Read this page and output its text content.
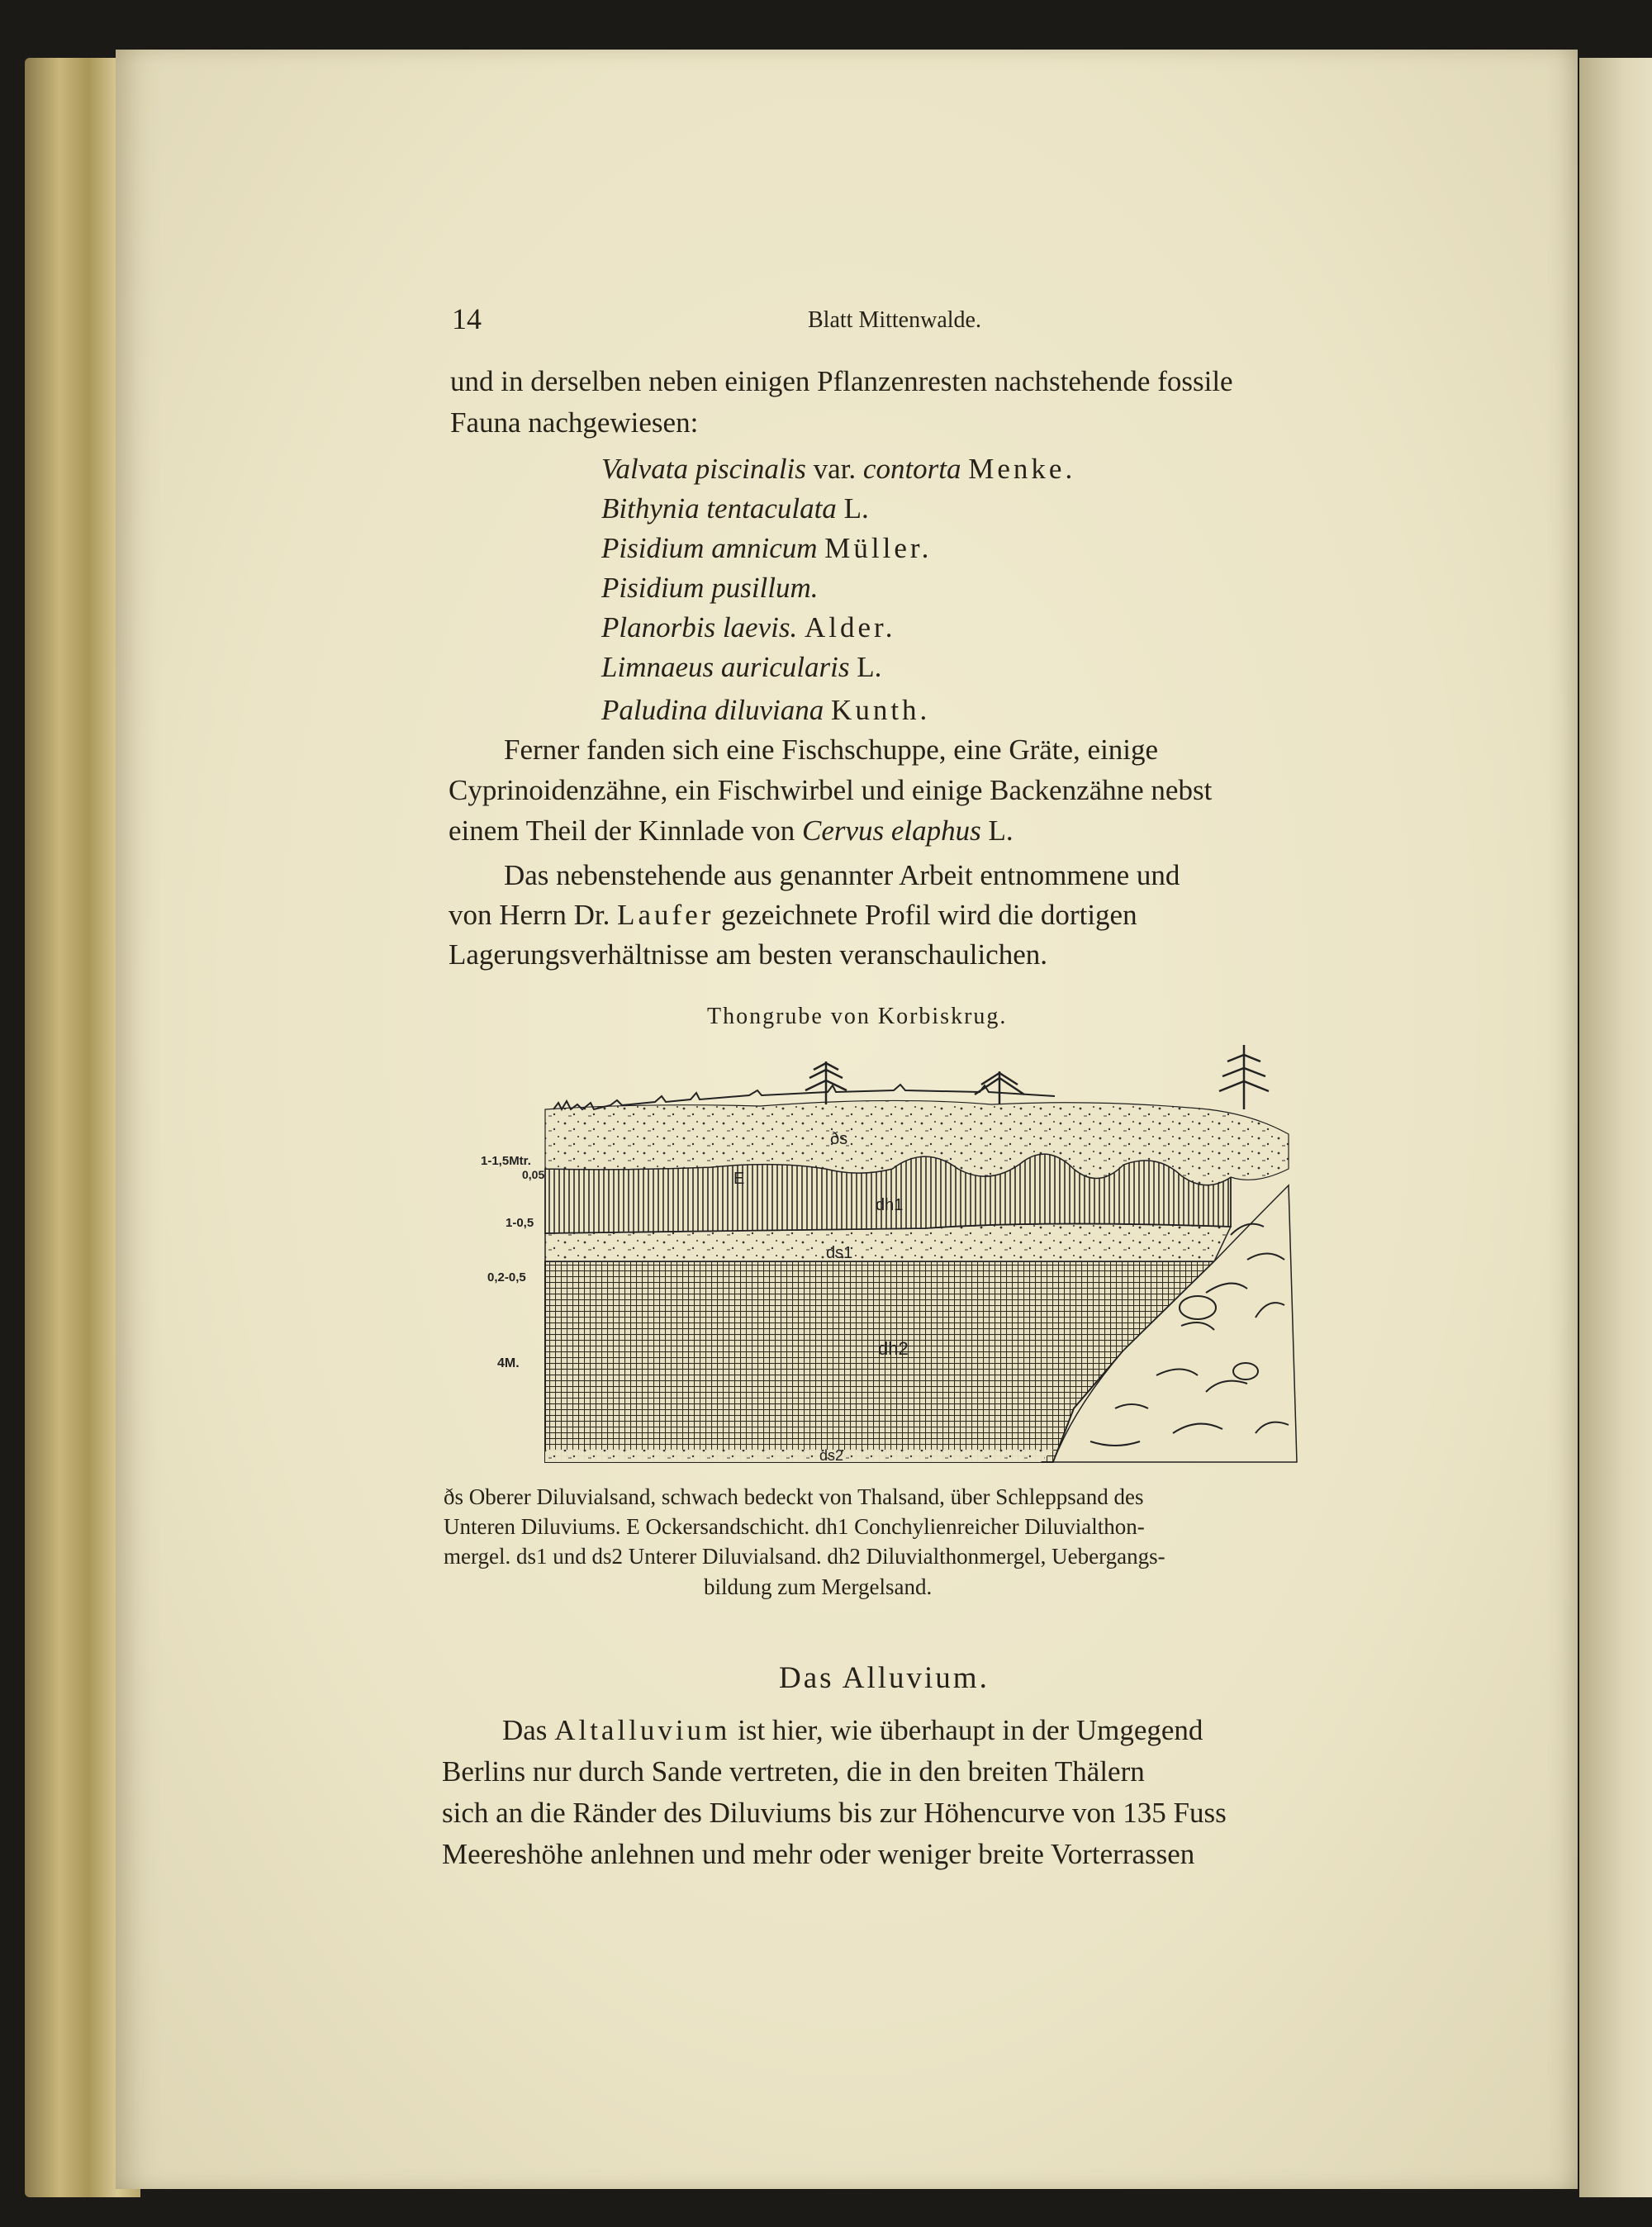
14	Blatt Mittenwalde.
und in derselben neben einigen Pflanzenresten nachstehende fossile
Fauna nachgewiesen:
Valvata piscinalis var. contorta Menke.
Bithynia tentaculata L.
Pisidium amnicum Müller.
Pisidium pusillum.
Planorbis laevis. Alder.
Limnaeus auricularis L.
Paludina diluviana Kunth.
Ferner fanden sich eine Fischschuppe, eine Gräte, einige
Cyprinoidenzähne, ein Fischwirbel und einige Backenzähne nebst
einem Theil der Kinnlade von Cervus elaphus L.
Das nebenstehende aus genannter Arbeit entnommene und
von Herrn Dr. Laufer gezeichnete Profil wird die dortigen
Lagerungsverhältnisse am besten veranschaulichen.
Thongrube von Korbiskrug.
1-1,5Mtr.
0,05
1-0,5
0,2-0,5
4M.
ðs
E
dh1
ds1
dh2
ds2
ðs Oberer Diluvialsand, schwach bedeckt von Thalsand, über Schleppsand des
Unteren Diluviums. E Ockersandschicht. dh1 Conchylienreicher Diluvialthon-
mergel. ds1 und ds2 Unterer Diluvialsand. dh2 Diluvialthonmergel, Uebergangs-
bildung zum Mergelsand.
Das Alluvium.
Das Altalluvium ist hier, wie überhaupt in der Umgegend
Berlins nur durch Sande vertreten, die in den breiten Thälern
sich an die Ränder des Diluviums bis zur Höhencurve von 135 Fuss
Meereshöhe anlehnen und mehr oder weniger breite Vorterrassen
